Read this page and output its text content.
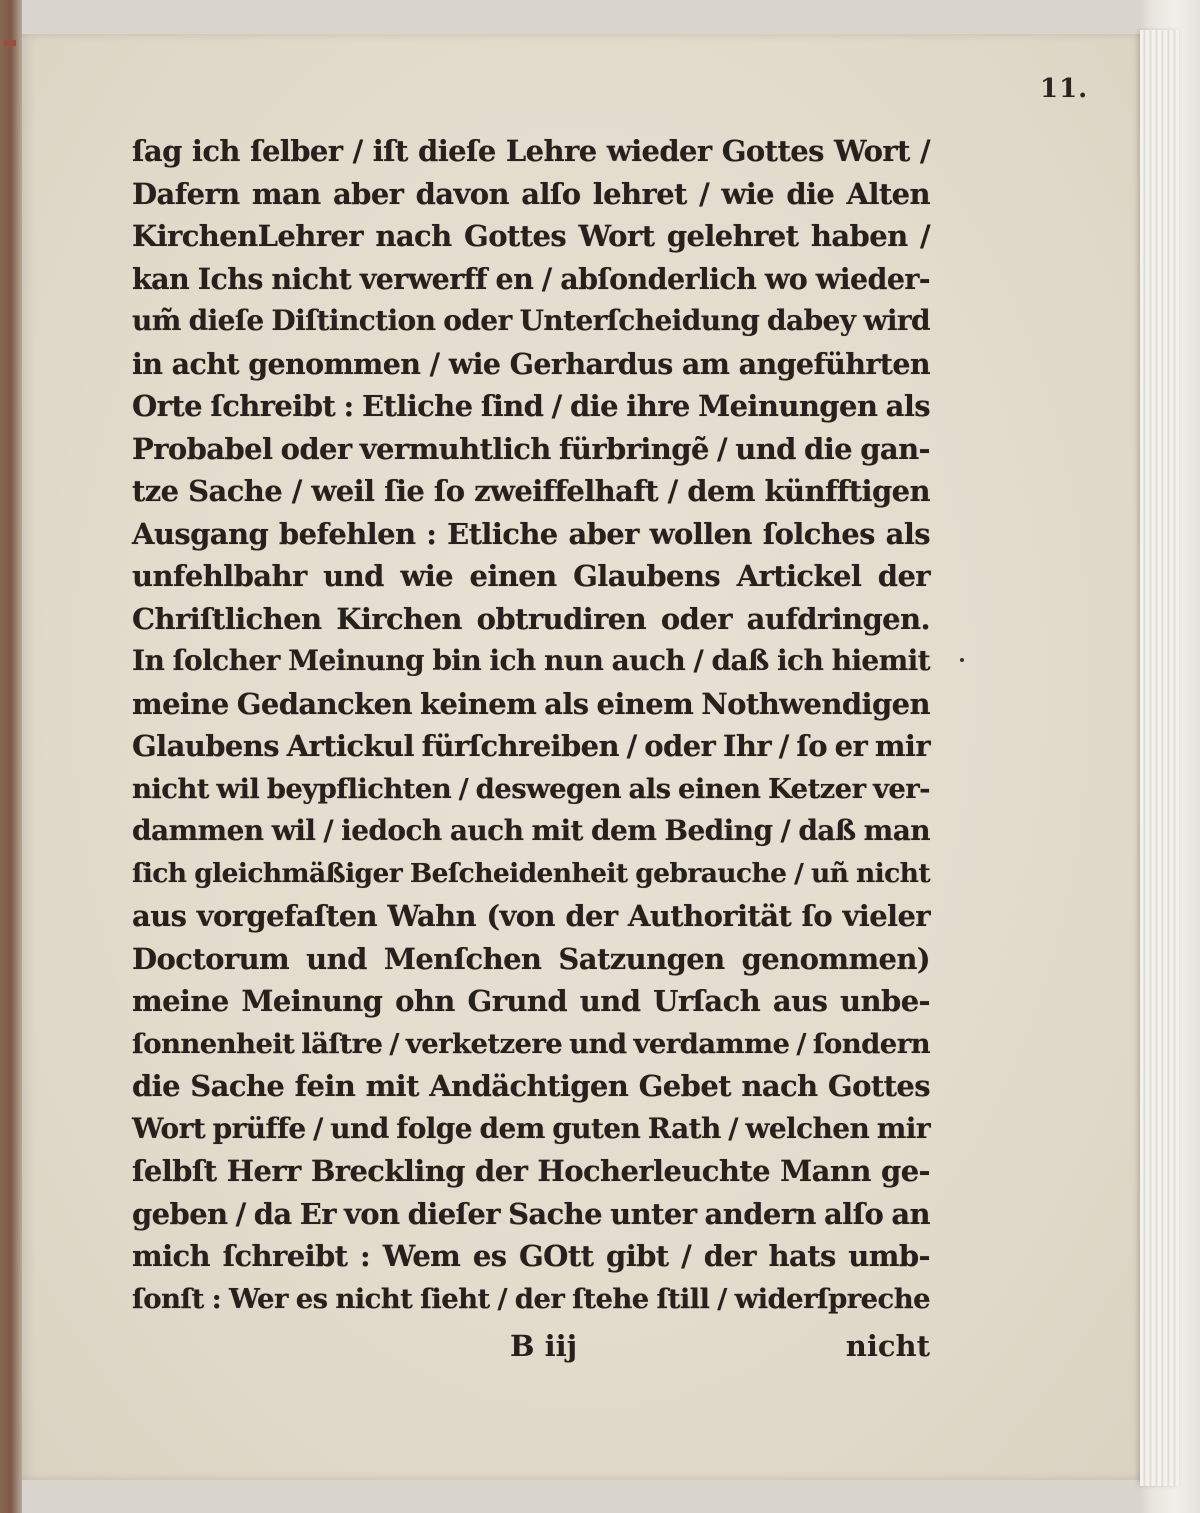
11.
ſag ich ſelber / iſt dieſe Lehre wieder Gottes Wort /
Dafern man aber davon alſo lehret / wie die Alten
KirchenLehrer nach Gottes Wort gelehret haben /
kan Ichs nicht verwerff en / abſonderlich wo wieder-
um̃ dieſe Diſtinction oder Unterſcheidung dabey wird
in acht genommen / wie Gerhardus am angeführten
Orte ſchreibt : Etliche ſind / die ihre Meinungen als
Probabel oder vermuhtlich fürbringẽ / und die gan-
tze Sache / weil ſie ſo zweiffelhaft / dem künfftigen
Ausgang befehlen : Etliche aber wollen ſolches als
unfehlbahr und wie einen Glaubens Artickel der
Chriſtlichen Kirchen obtrudiren oder aufdringen.
In ſolcher Meinung bin ich nun auch / daß ich hiemit
meine Gedancken keinem als einem Nothwendigen
Glaubens Artickul fürſchreiben / oder Ihr / ſo er mir
nicht wil beypflichten / deswegen als einen Ketzer ver-
dammen wil / iedoch auch mit dem Beding / daß man
ſich gleichmäßiger Beſcheidenheit gebrauche / uñ nicht
aus vorgefaſten Wahn (von der Authorität ſo vieler
Doctorum und Menſchen Satzungen genommen)
meine Meinung ohn Grund und Urſach aus unbe-
ſonnenheit läſtre / verketzere und verdamme / ſondern
die Sache fein mit Andächtigen Gebet nach Gottes
Wort prüffe / und folge dem guten Rath / welchen mir
ſelbſt Herr Breckling der Hocherleuchte Mann ge-
geben / da Er von dieſer Sache unter andern alſo an
mich ſchreibt : Wem es GOtt gibt / der hats umb-
ſonſt : Wer es nicht ſieht / der ſtehe ſtill / widerſpreche
B iij	nicht
